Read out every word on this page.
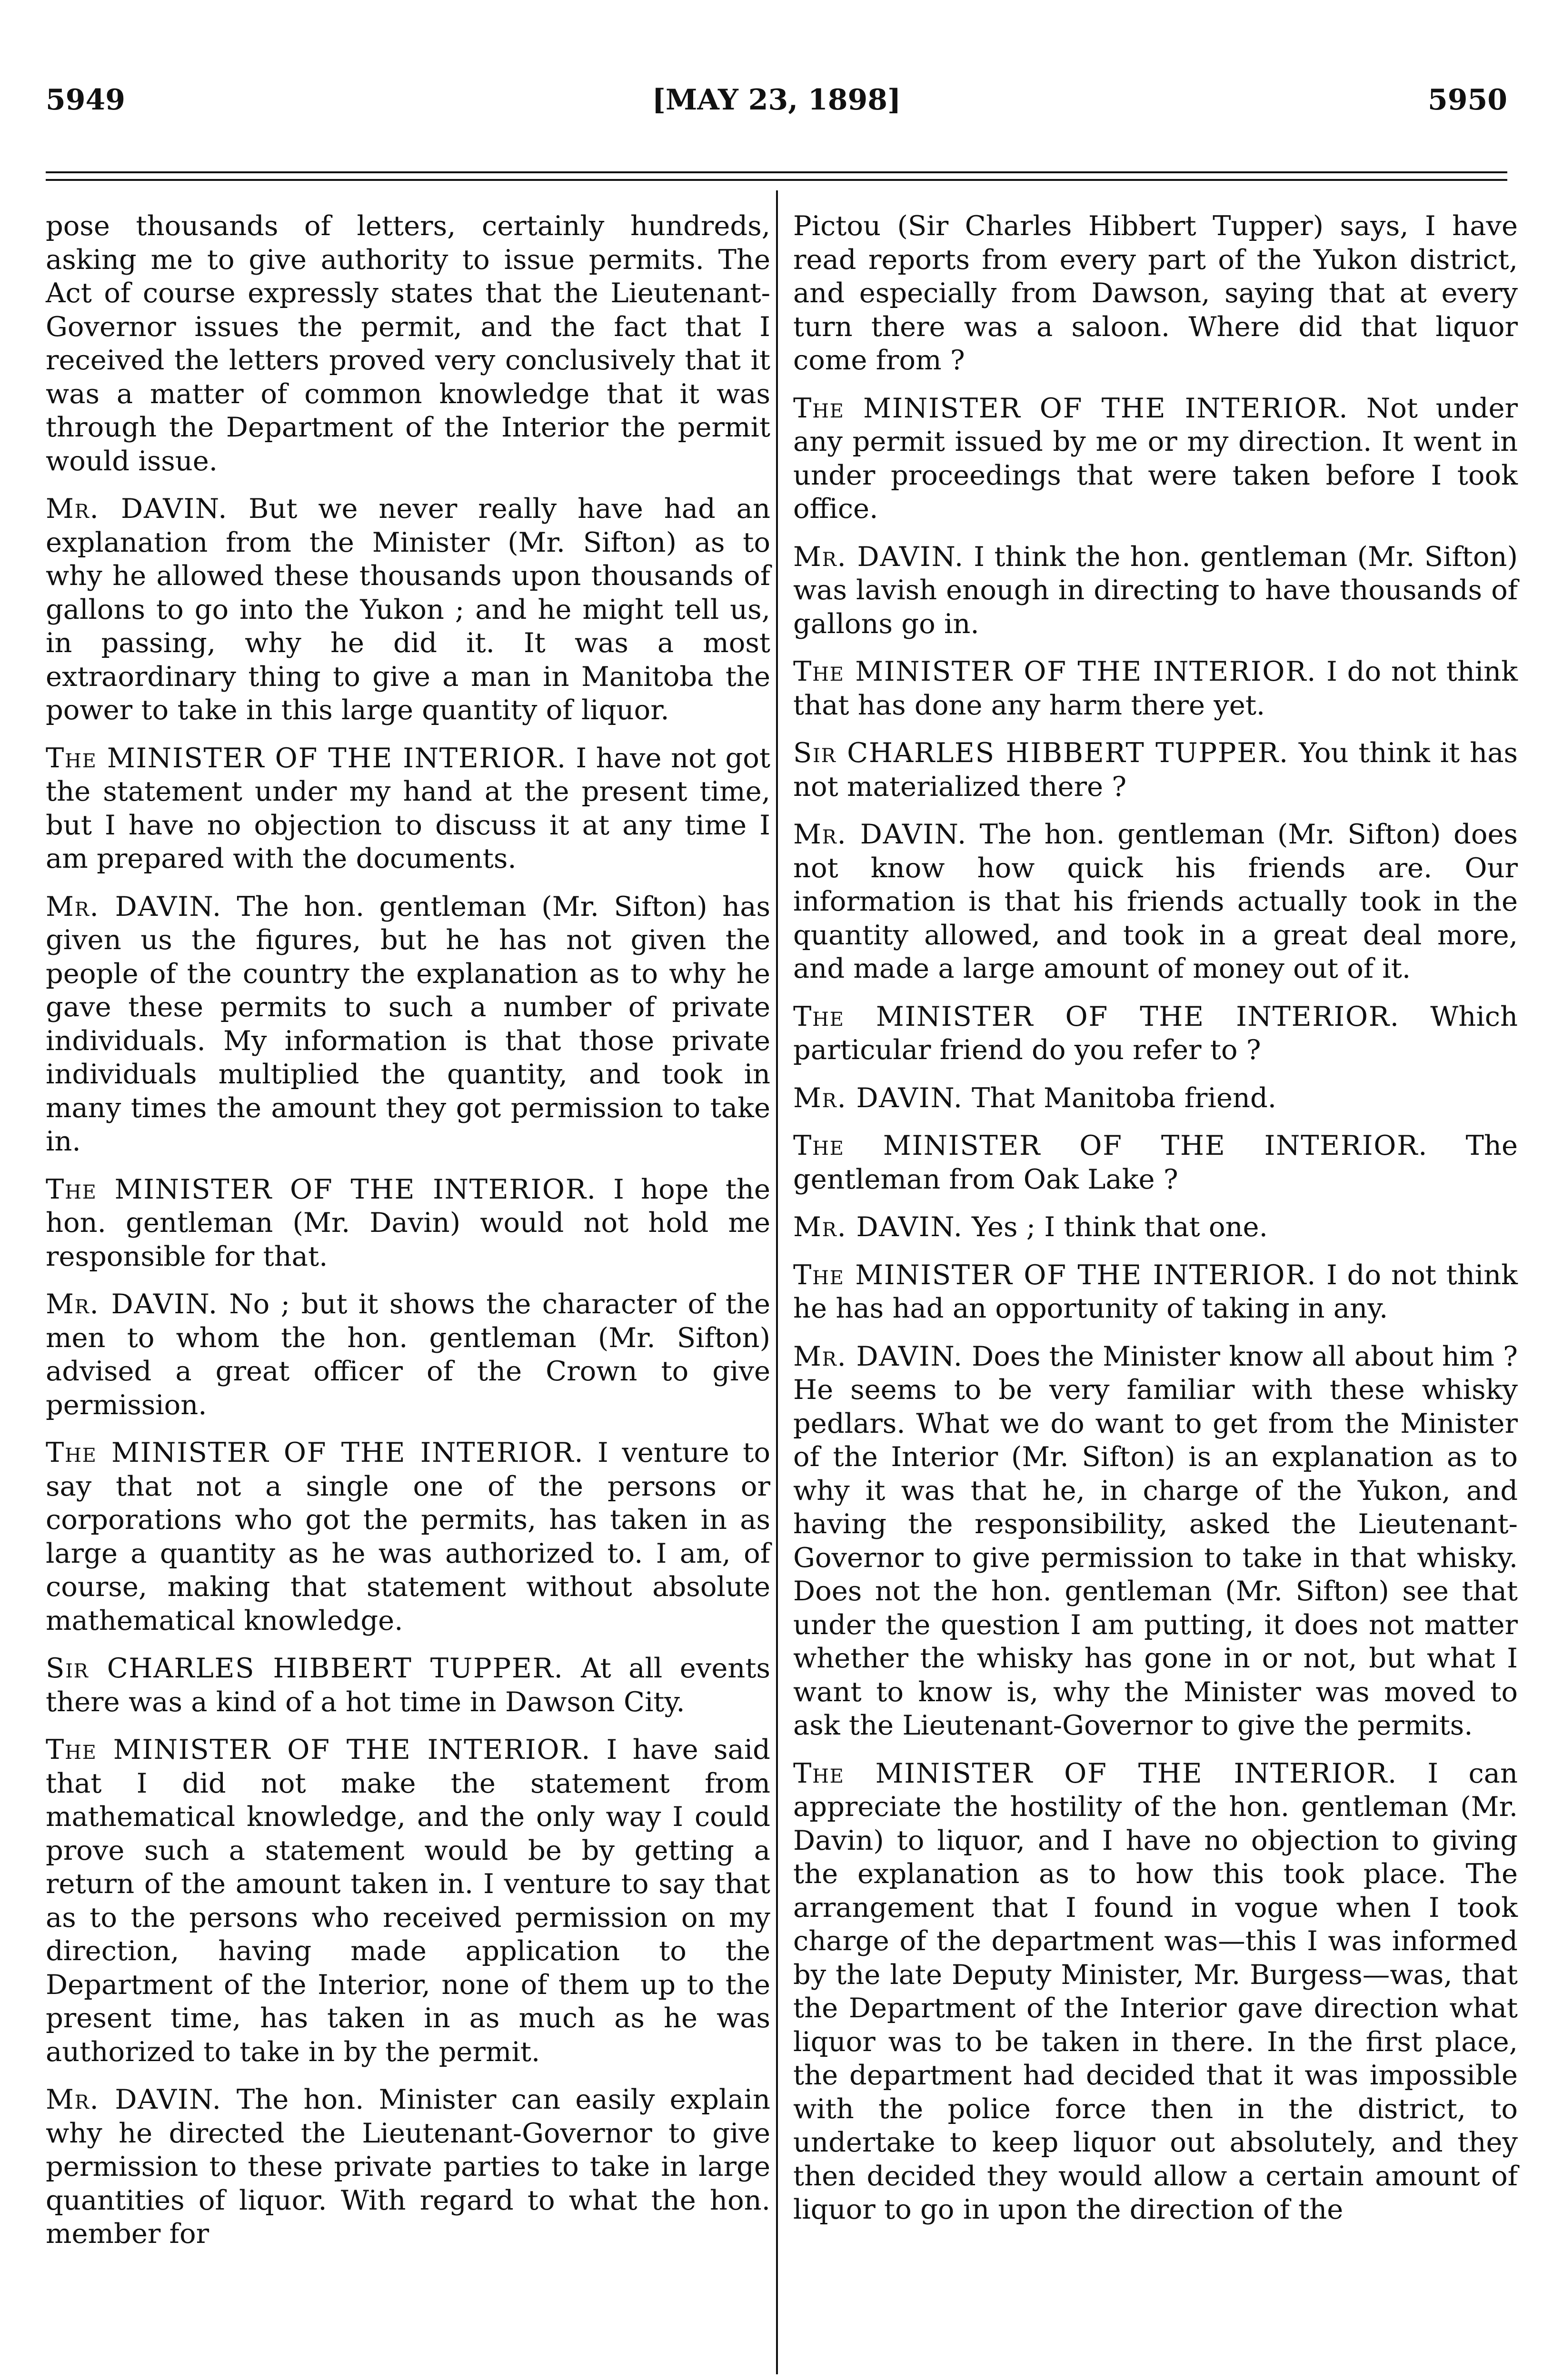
5949	[MAY 23, 1898]	5950

pose thousands of letters, certainly hundreds, asking me to give authority to issue permits. The Act of course expressly states that the Lieutenant-Governor issues the permit, and the fact that I received the letters proved very conclusively that it was a matter of common knowledge that it was through the Department of the Interior the permit would issue.

Mr. DAVIN. But we never really have had an explanation from the Minister (Mr. Sifton) as to why he allowed these thousands upon thousands of gallons to go into the Yukon ; and he might tell us, in passing, why he did it. It was a most extraordinary thing to give a man in Manitoba the power to take in this large quantity of liquor.

The MINISTER OF THE INTERIOR. I have not got the statement under my hand at the present time, but I have no objection to discuss it at any time I am prepared with the documents.

Mr. DAVIN. The hon. gentleman (Mr. Sifton) has given us the figures, but he has not given the people of the country the explanation as to why he gave these permits to such a number of private individuals. My information is that those private individuals multiplied the quantity, and took in many times the amount they got permission to take in.

The MINISTER OF THE INTERIOR. I hope the hon. gentleman (Mr. Davin) would not hold me responsible for that.

Mr. DAVIN. No ; but it shows the character of the men to whom the hon. gentleman (Mr. Sifton) advised a great officer of the Crown to give permission.

The MINISTER OF THE INTERIOR. I venture to say that not a single one of the persons or corporations who got the permits, has taken in as large a quantity as he was authorized to. I am, of course, making that statement without absolute mathematical knowledge.

Sir CHARLES HIBBERT TUPPER. At all events there was a kind of a hot time in Dawson City.

The MINISTER OF THE INTERIOR. I have said that I did not make the statement from mathematical knowledge, and the only way I could prove such a statement would be by getting a return of the amount taken in. I venture to say that as to the persons who received permission on my direction, having made application to the Department of the Interior, none of them up to the present time, has taken in as much as he was authorized to take in by the permit.

Mr. DAVIN. The hon. Minister can easily explain why he directed the Lieutenant-Governor to give permission to these private parties to take in large quantities of liquor. With regard to what the hon. member for

Pictou (Sir Charles Hibbert Tupper) says, I have read reports from every part of the Yukon district, and especially from Dawson, saying that at every turn there was a saloon. Where did that liquor come from ?

The MINISTER OF THE INTERIOR. Not under any permit issued by me or my direction. It went in under proceedings that were taken before I took office.

Mr. DAVIN. I think the hon. gentleman (Mr. Sifton) was lavish enough in directing to have thousands of gallons go in.

The MINISTER OF THE INTERIOR. I do not think that has done any harm there yet.

Sir CHARLES HIBBERT TUPPER. You think it has not materialized there ?

Mr. DAVIN. The hon. gentleman (Mr. Sifton) does not know how quick his friends are. Our information is that his friends actually took in the quantity allowed, and took in a great deal more, and made a large amount of money out of it.

The MINISTER OF THE INTERIOR. Which particular friend do you refer to ?

Mr. DAVIN. That Manitoba friend.

The MINISTER OF THE INTERIOR. The gentleman from Oak Lake ?

Mr. DAVIN. Yes ; I think that one.

The MINISTER OF THE INTERIOR. I do not think he has had an opportunity of taking in any.

Mr. DAVIN. Does the Minister know all about him ? He seems to be very familiar with these whisky pedlars. What we do want to get from the Minister of the Interior (Mr. Sifton) is an explanation as to why it was that he, in charge of the Yukon, and having the responsibility, asked the Lieutenant-Governor to give permission to take in that whisky. Does not the hon. gentleman (Mr. Sifton) see that under the question I am putting, it does not matter whether the whisky has gone in or not, but what I want to know is, why the Minister was moved to ask the Lieutenant-Governor to give the permits.

The MINISTER OF THE INTERIOR. I can appreciate the hostility of the hon. gentleman (Mr. Davin) to liquor, and I have no objection to giving the explanation as to how this took place. The arrangement that I found in vogue when I took charge of the department was—this I was informed by the late Deputy Minister, Mr. Burgess—was, that the Department of the Interior gave direction what liquor was to be taken in there. In the first place, the department had decided that it was impossible with the police force then in the district, to undertake to keep liquor out absolutely, and they then decided they would allow a certain amount of liquor to go in upon the direction of the
